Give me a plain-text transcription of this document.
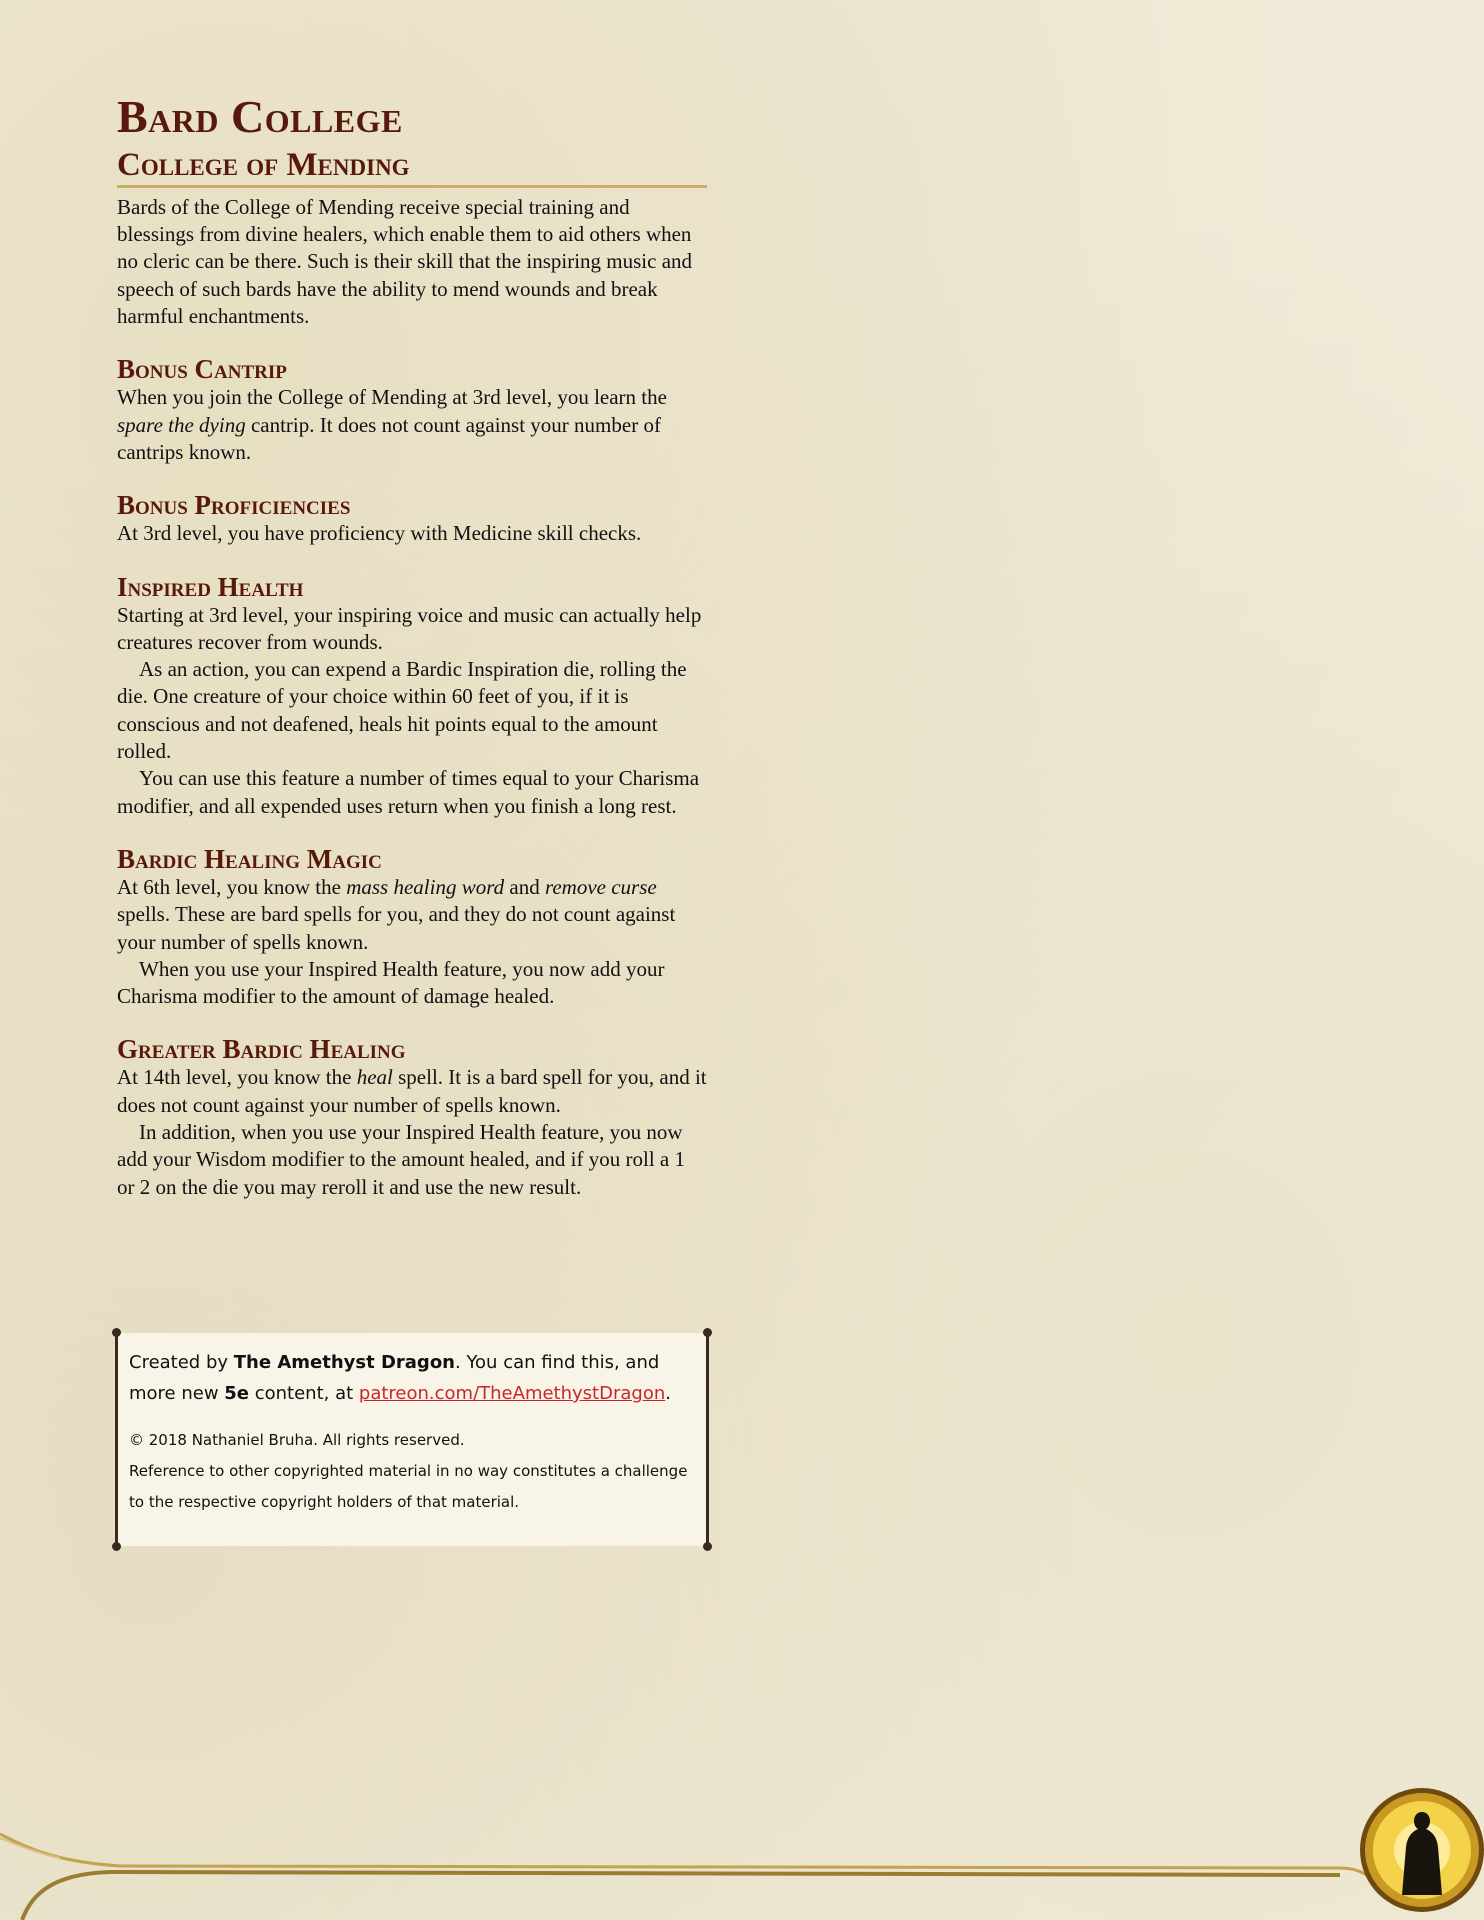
Bard College
College of Mending

Bards of the College of Mending receive special training and blessings from divine healers, which enable them to aid others when no cleric can be there. Such is their skill that the inspiring music and speech of such bards have the ability to mend wounds and break harmful enchantments.

Bonus Cantrip

When you join the College of Mending at 3rd level, you learn the spare the dying cantrip. It does not count against your number of cantrips known.

Bonus Proficiencies

At 3rd level, you have proficiency with Medicine skill checks.

Inspired Health

Starting at 3rd level, your inspiring voice and music can actually help creatures recover from wounds.

As an action, you can expend a Bardic Inspiration die, rolling the die. One creature of your choice within 60 feet of you, if it is conscious and not deafened, heals hit points equal to the amount rolled.

You can use this feature a number of times equal to your Charisma modifier, and all expended uses return when you finish a long rest.

Bardic Healing Magic

At 6th level, you know the mass healing word and remove curse spells. These are bard spells for you, and they do not count against your number of spells known.

When you use your Inspired Health feature, you now add your Charisma modifier to the amount of damage healed.

Greater Bardic Healing

At 14th level, you know the heal spell. It is a bard spell for you, and it does not count against your number of spells known.

In addition, when you use your Inspired Health feature, you now add your Wisdom modifier to the amount healed, and if you roll a 1 or 2 on the die you may reroll it and use the new result.

Created by The Amethyst Dragon. You can find this, and more new 5e content, at patreon.com/TheAmethystDragon.

© 2018 Nathaniel Bruha. All rights reserved.

Reference to other copyrighted material in no way constitutes a challenge to the respective copyright holders of that material.
